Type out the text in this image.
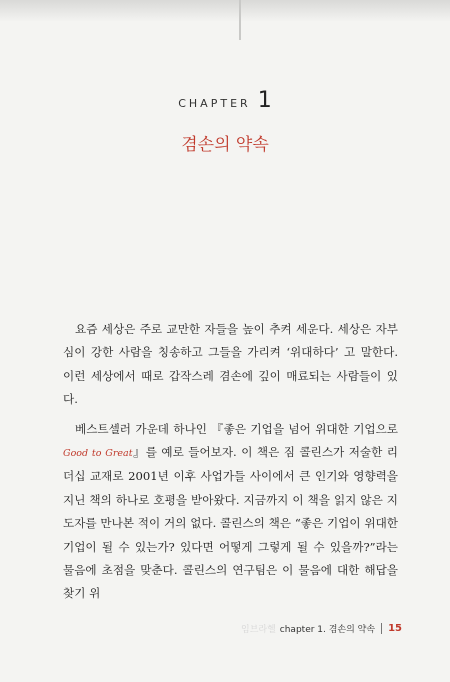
CHAPTER 1
겸손의 약속

요즘 세상은 주로 교만한 자들을 높이 추켜 세운다. 세상은 자부심이 강한 사람을 칭송하고 그들을 가리켜 ‘위대하다’ 고 말한다. 이런 세상에서 때로 갑작스레 겸손에 깊이 매료되는 사람들이 있다.

베스트셀러 가운데 하나인 『좋은 기업을 넘어 위대한 기업으로 Good to Great』를 예로 들어보자. 이 책은 짐 콜린스가 저술한 리더십 교재로 2001년 이후 사업가들 사이에서 큰 인기와 영향력을 지닌 책의 하나로 호평을 받아왔다. 지금까지 이 책을 읽지 않은 지도자를 만나본 적이 거의 없다. 콜린스의 책은 “좋은 기업이 위대한 기업이 될 수 있는가? 있다면 어떻게 그렇게 될 수 있을까?”라는 물음에 초점을 맞춘다. 콜린스의 연구팀은 이 물음에 대한 해답을 찾기 위

임브라헬 chapter 1. 겸손의 약속 15
